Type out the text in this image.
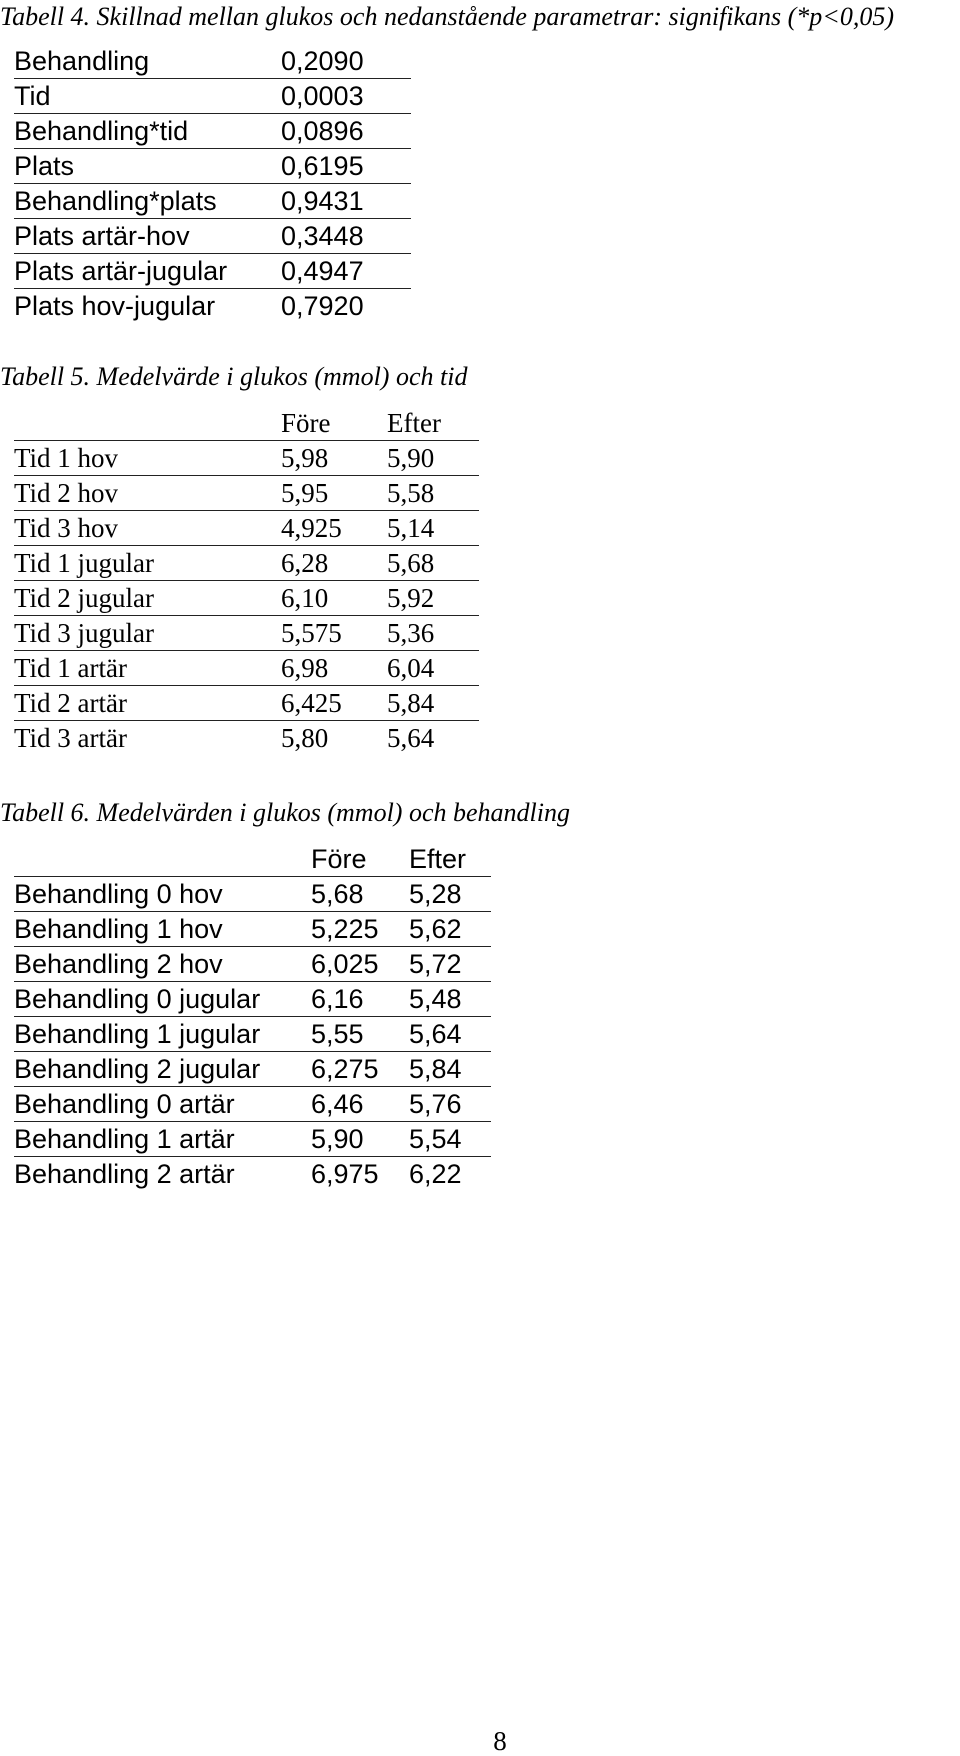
Tabell 4. Skillnad mellan glukos och nedanstående parametrar: signifikans (*p<0,05)

Behandling	0,2090
Tid	0,0003
Behandling*tid	0,0896
Plats	0,6195
Behandling*plats	0,9431
Plats artär-hov	0,3448
Plats artär-jugular	0,4947
Plats hov-jugular	0,7920

Tabell 5. Medelvärde i glukos (mmol) och tid

	Före	Efter
Tid 1 hov	5,98	5,90
Tid 2 hov	5,95	5,58
Tid 3 hov	4,925	5,14
Tid 1 jugular	6,28	5,68
Tid 2 jugular	6,10	5,92
Tid 3 jugular	5,575	5,36
Tid 1 artär	6,98	6,04
Tid 2 artär	6,425	5,84
Tid 3 artär	5,80	5,64

Tabell 6. Medelvärden i glukos (mmol) och behandling

	Före	Efter
Behandling 0 hov	5,68	5,28
Behandling 1 hov	5,225	5,62
Behandling 2 hov	6,025	5,72
Behandling 0 jugular	6,16	5,48
Behandling 1 jugular	5,55	5,64
Behandling 2 jugular	6,275	5,84
Behandling 0 artär	6,46	5,76
Behandling 1 artär	5,90	5,54
Behandling 2 artär	6,975	6,22
8
